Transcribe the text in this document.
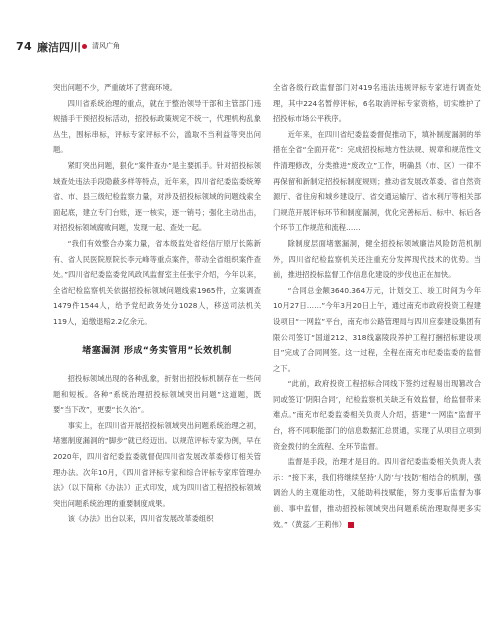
74 廉洁四川 清风广角

突出问题不少，严重破坏了营商环境。

四川省系统治理的重点，就在于整治领导干部和主管部门违规插手干预招投标活动，招投标政策规定不统一，代理机构乱象丛生，围标串标，评标专家评标不公，滥取不当利益等突出问题。

紧盯突出问题，狠化“案件查办”是主要抓手。针对招投标领域查处违法手段隐蔽多样等特点，近年来，四川省纪委监委统筹省、市、县三级纪检监察力量，对涉及招投标领域的问题线索全面起底，建立专门台账，逐一核实，逐一销号；强化主动出击，对招投标领域腐败问题，发现一起、查处一起。

“我们有效整合办案力量，省本级监处省经信厅原厅长陈新有、省人民医院原院长李元峰等重点案件，带动全省组织案件查处。”四川省纪委监委党风政风监督室主任张宇介绍，今年以来，全省纪检监察机关依据招投标领域问题线索1965件，立案调查1479件1544人，给予党纪政务处分1028人，移送司法机关119人，追缴退赔2.2亿余元。

堵塞漏洞 形成“务实管用”长效机制

招投标领域出现的各种乱象，折射出招投标机制存在一些问题和短板。各种“系统治理招投标领域突出问题”这道题，既要“当下改”，更要“长久治”。

事实上，在四川省开展招投标领域突出问题系统治理之初，堵塞制度漏洞的“脚步”就已经迈出。以规范评标专家为例，早在2020年，四川省纪委监委就督促四川省发展改革委修订相关管理办法。次年10月，《四川省评标专家和综合评标专家库管理办法》（以下简称《办法》）正式印发，成为四川省工程招投标领域突出问题系统治理的重要制度成果。

该《办法》出台以来，四川省发展改革委组织

全省各级行政监督部门对419名违法违规评标专家进行调查处理，其中224名暂停评标，6名取消评标专家资格，切实维护了招投标市场公平秩序。

近年来，在四川省纪委监委督促推动下，填补制度漏洞的举措在全省“全面开花”：完成招投标地方性法规、规章和规范性文件清理修改，分类推进“废改立”工作，明确县（市、区）一律不再保留和新制定招投标制度规则；推动省发展改革委、省自然资源厅、省住房和城乡建设厅、省交通运输厅、省水利厅等相关部门规范开展评标环节和制度漏洞，优化完善标后、标中、标后各个环节工作规范和流程……

除制度层面堵塞漏洞，健全招投标领域廉洁风险防范机制外，四川省纪检监察机关还注重充分发挥现代技术的优势。当前，推进招投标监督工作信息化建设的步伐也正在加快。

“合同总金额3640.364万元，计划交工、竣工时间为今年10月27日……”今年3月20日上午，通过南充市政府投资工程建设项目“一网监”平台，南充市公路管理局与四川应泰建设集团有限公司签订“国道212、318线嘉陵段养护工程打捆招标建设项目”完成了合同网签。这一过程，全程在南充市纪委监委的监督之下。

“此前，政府投资工程招标合同线下签约过程易出现篡改合同或签订‘阴阳合同’，纪检监察机关缺乏有效监督，给监督带来难点。”南充市纪委监委相关负责人介绍，搭建“一网监”监督平台，将不同职能部门的信息数据汇总贯通，实现了从项目立项到资金拨付的全流程、全环节监督。

监督是手段，治理才是目的。四川省纪委监委相关负责人表示：“接下来，我们将继续坚持‘人防’与‘技防’相结合的机制，强调治人的主观能动性，又能助科技赋能，努力变事后监督为事前、事中监督，推动招投标领域突出问题系统治理取得更多实效。”（黄蕊／王莉伟）
